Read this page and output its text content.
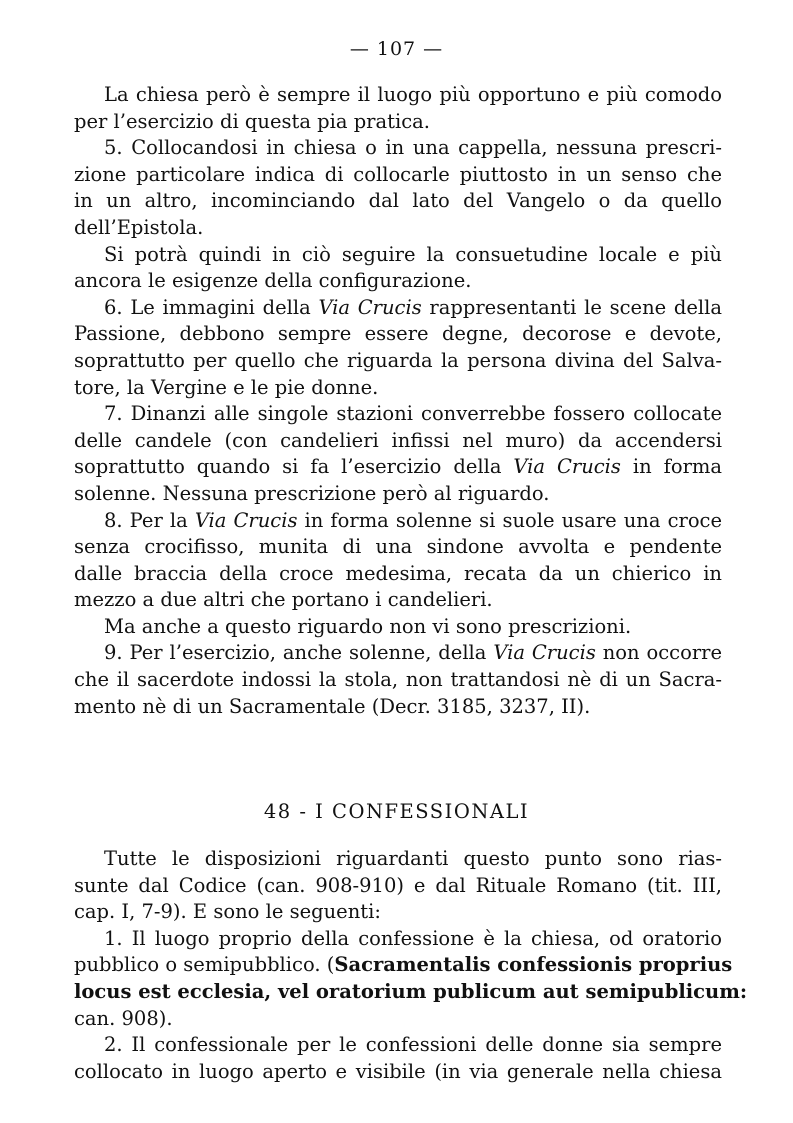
— 107 —
La chiesa però è sempre il luogo più opportuno e più comodo
per l’esercizio di questa pia pratica.
5. Collocandosi in chiesa o in una cappella, nessuna prescri-
zione particolare indica di collocarle piuttosto in un senso che
in un altro, incominciando dal lato del Vangelo o da quello
dell’Epistola.
Si potrà quindi in ciò seguire la consuetudine locale e più
ancora le esigenze della configurazione.
6. Le immagini della Via Crucis rappresentanti le scene della
Passione, debbono sempre essere degne, decorose e devote,
soprattutto per quello che riguarda la persona divina del Salva-
tore, la Vergine e le pie donne.
7. Dinanzi alle singole stazioni converrebbe fossero collocate
delle candele (con candelieri infissi nel muro) da accendersi
soprattutto quando si fa l’esercizio della Via Crucis in forma
solenne. Nessuna prescrizione però al riguardo.
8. Per la Via Crucis in forma solenne si suole usare una croce
senza crocifisso, munita di una sindone avvolta e pendente
dalle braccia della croce medesima, recata da un chierico in
mezzo a due altri che portano i candelieri.
Ma anche a questo riguardo non vi sono prescrizioni.
9. Per l’esercizio, anche solenne, della Via Crucis non occorre
che il sacerdote indossi la stola, non trattandosi nè di un Sacra-
mento nè di un Sacramentale (Decr. 3185, 3237, II).
48 - I CONFESSIONALI
Tutte le disposizioni riguardanti questo punto sono rias-
sunte dal Codice (can. 908-910) e dal Rituale Romano (tit. III,
cap. I, 7-9). E sono le seguenti:
1. Il luogo proprio della confessione è la chiesa, od oratorio
pubblico o semipubblico. (Sacramentalis confessionis proprius
locus est ecclesia, vel oratorium publicum aut semipublicum:
can. 908).
2. Il confessionale per le confessioni delle donne sia sempre
collocato in luogo aperto e visibile (in via generale nella chiesa
